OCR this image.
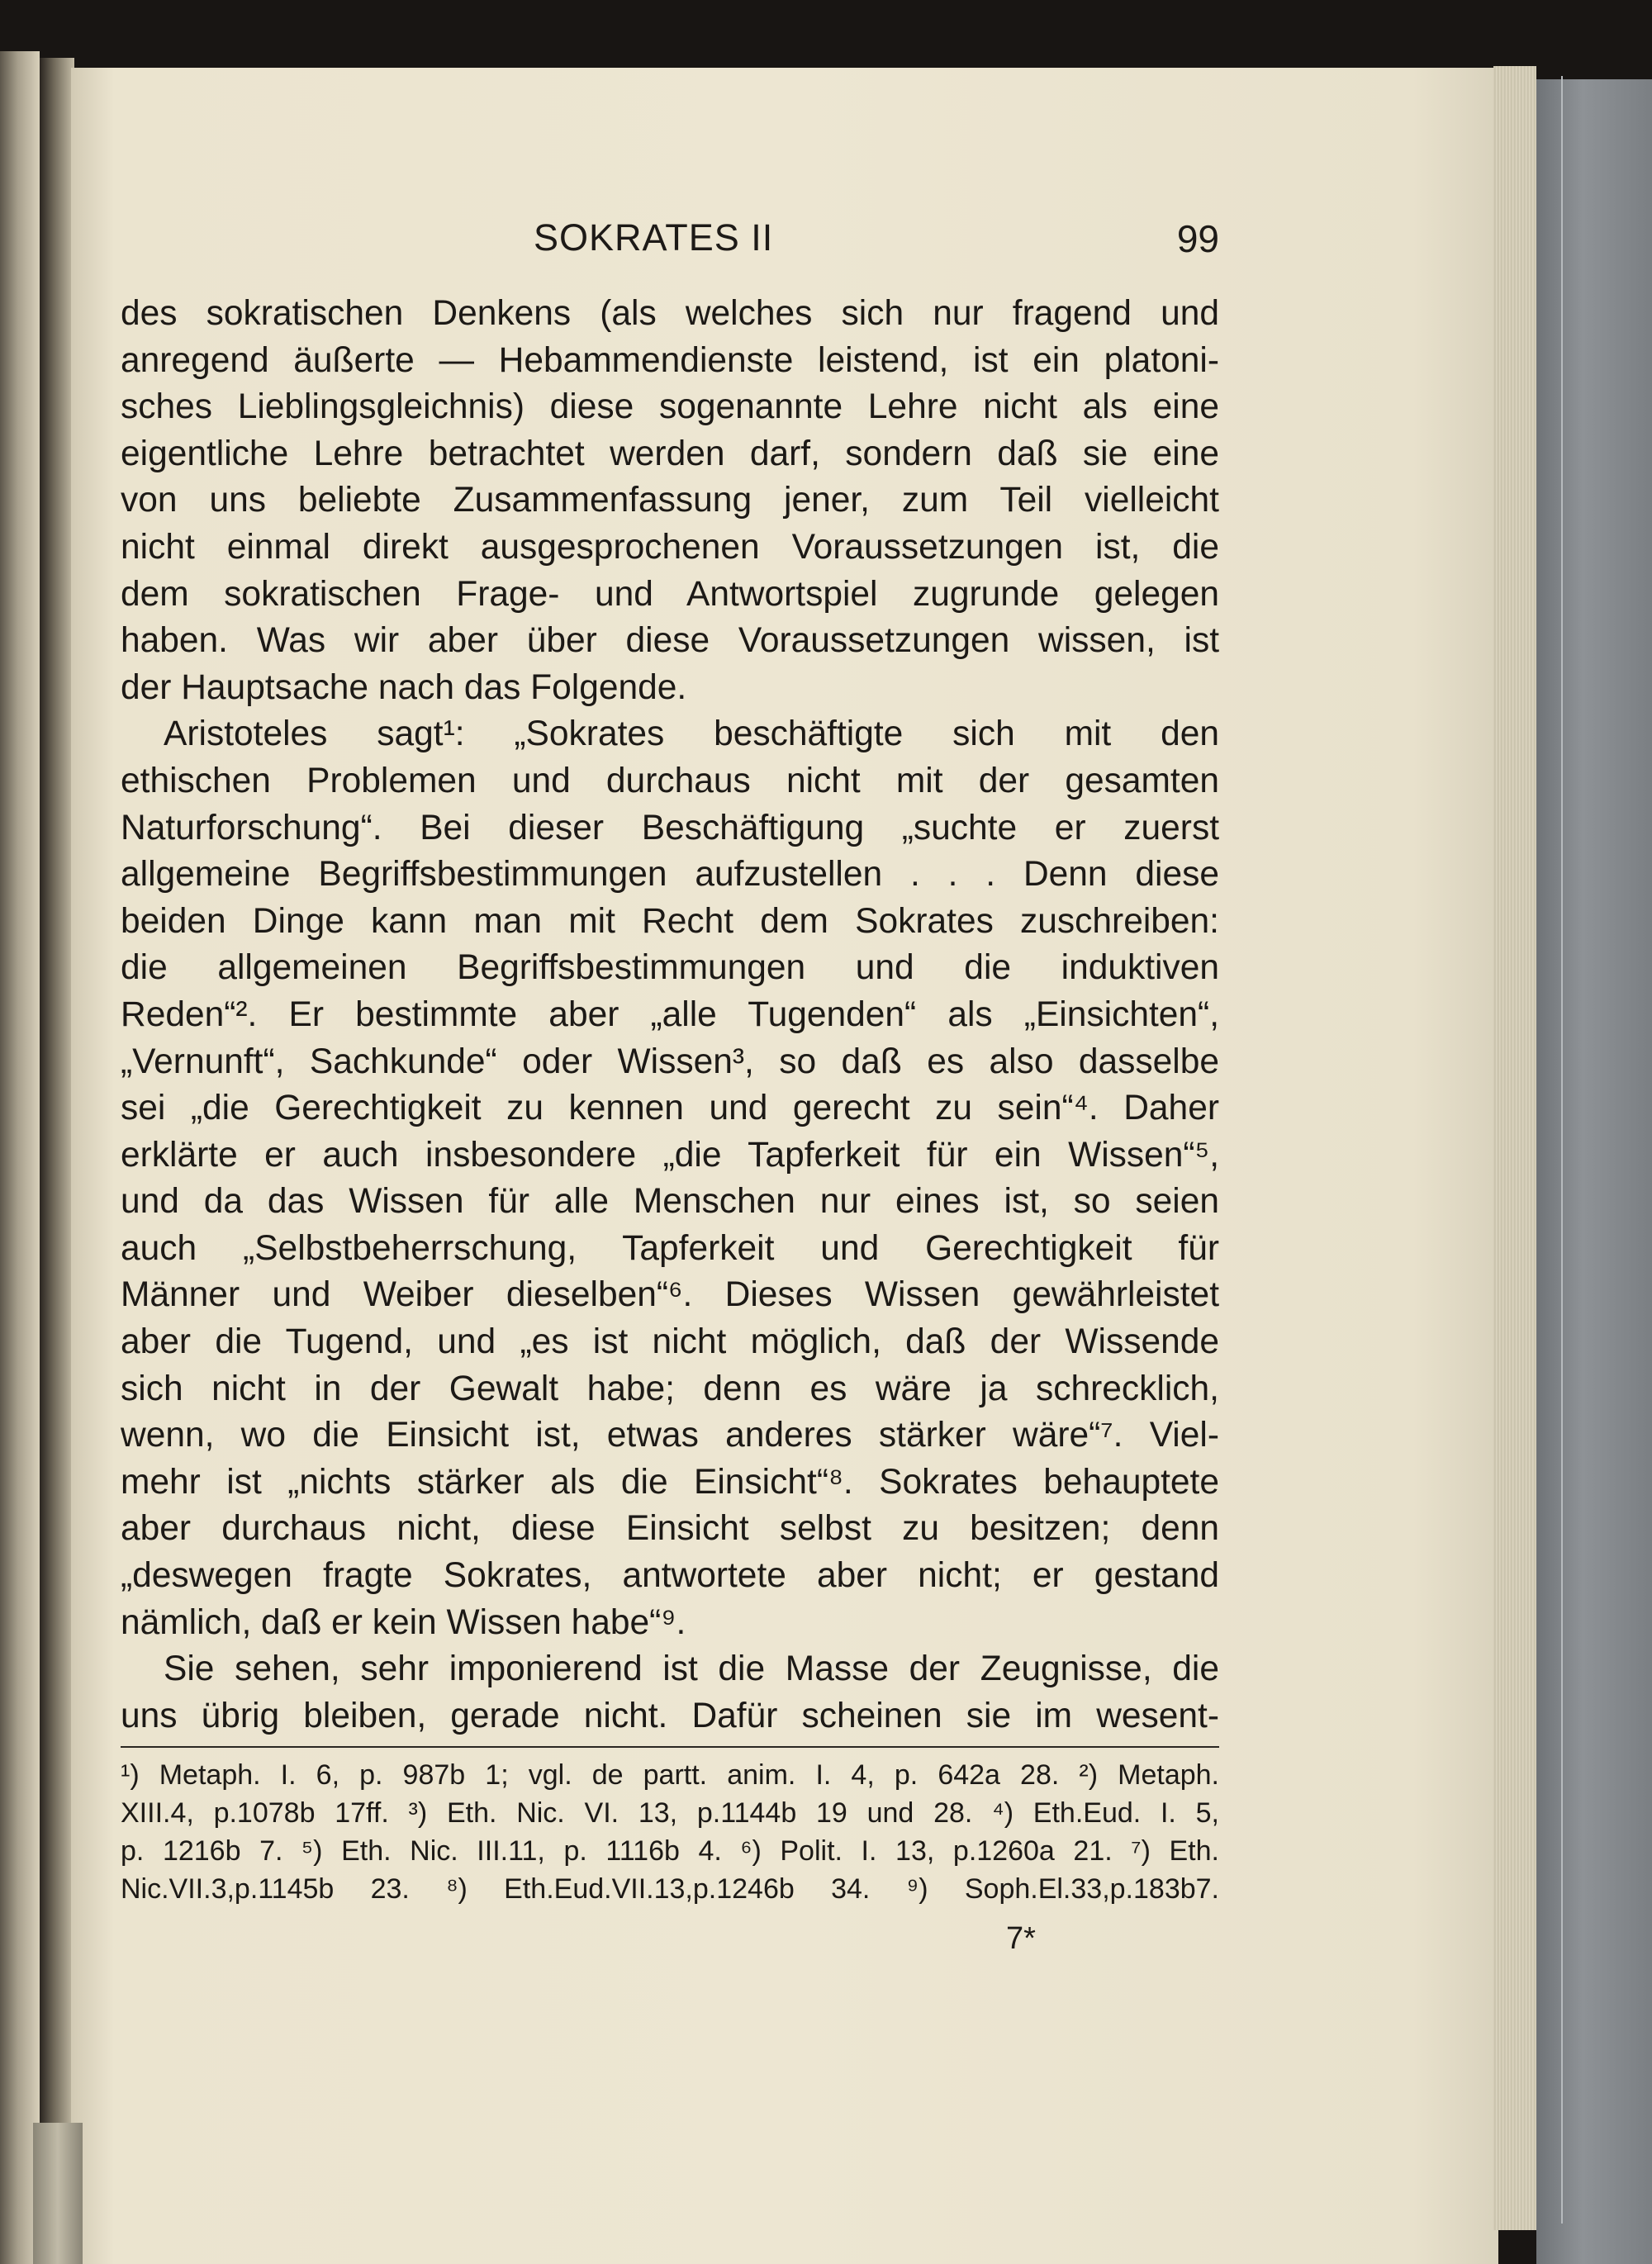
SOKRATES II	99
des sokratischen Denkens (als welches sich nur fragend und
anregend äußerte — Hebammendienste leistend, ist ein platoni-
sches Lieblingsgleichnis) diese sogenannte Lehre nicht als eine
eigentliche Lehre betrachtet werden darf, sondern daß sie eine
von uns beliebte Zusammenfassung jener, zum Teil vielleicht
nicht einmal direkt ausgesprochenen Voraussetzungen ist, die
dem sokratischen Frage- und Antwortspiel zugrunde gelegen
haben. Was wir aber über diese Voraussetzungen wissen, ist
der Hauptsache nach das Folgende.
Aristoteles sagt¹: „Sokrates beschäftigte sich mit den
ethischen Problemen und durchaus nicht mit der gesamten
Naturforschung“. Bei dieser Beschäftigung „suchte er zuerst
allgemeine Begriffsbestimmungen aufzustellen . . . Denn diese
beiden Dinge kann man mit Recht dem Sokrates zuschreiben:
die allgemeinen Begriffsbestimmungen und die induktiven
Reden“². Er bestimmte aber „alle Tugenden“ als „Einsichten“,
„Vernunft“, Sachkunde“ oder Wissen³, so daß es also dasselbe
sei „die Gerechtigkeit zu kennen und gerecht zu sein“⁴. Daher
erklärte er auch insbesondere „die Tapferkeit für ein Wissen“⁵,
und da das Wissen für alle Menschen nur eines ist, so seien
auch „Selbstbeherrschung, Tapferkeit und Gerechtigkeit für
Männer und Weiber dieselben“⁶. Dieses Wissen gewährleistet
aber die Tugend, und „es ist nicht möglich, daß der Wissende
sich nicht in der Gewalt habe; denn es wäre ja schrecklich,
wenn, wo die Einsicht ist, etwas anderes stärker wäre“⁷. Viel-
mehr ist „nichts stärker als die Einsicht“⁸. Sokrates behauptete
aber durchaus nicht, diese Einsicht selbst zu besitzen; denn
„deswegen fragte Sokrates, antwortete aber nicht; er gestand
nämlich, daß er kein Wissen habe“⁹.
Sie sehen, sehr imponierend ist die Masse der Zeugnisse, die
uns übrig bleiben, gerade nicht. Dafür scheinen sie im wesent-
¹) Metaph. I. 6, p. 987b 1; vgl. de partt. anim. I. 4, p. 642a 28. ²) Metaph.
XIII.4, p.1078b 17ff. ³) Eth. Nic. VI. 13, p.1144b 19 und 28. ⁴) Eth.Eud. I. 5,
p. 1216b 7. ⁵) Eth. Nic. III.11, p. 1116b 4. ⁶) Polit. I. 13, p.1260a 21. ⁷) Eth.
Nic.VII.3,p.1145b 23. ⁸) Eth.Eud.VII.13,p.1246b 34. ⁹) Soph.El.33,p.183b7.
7*
